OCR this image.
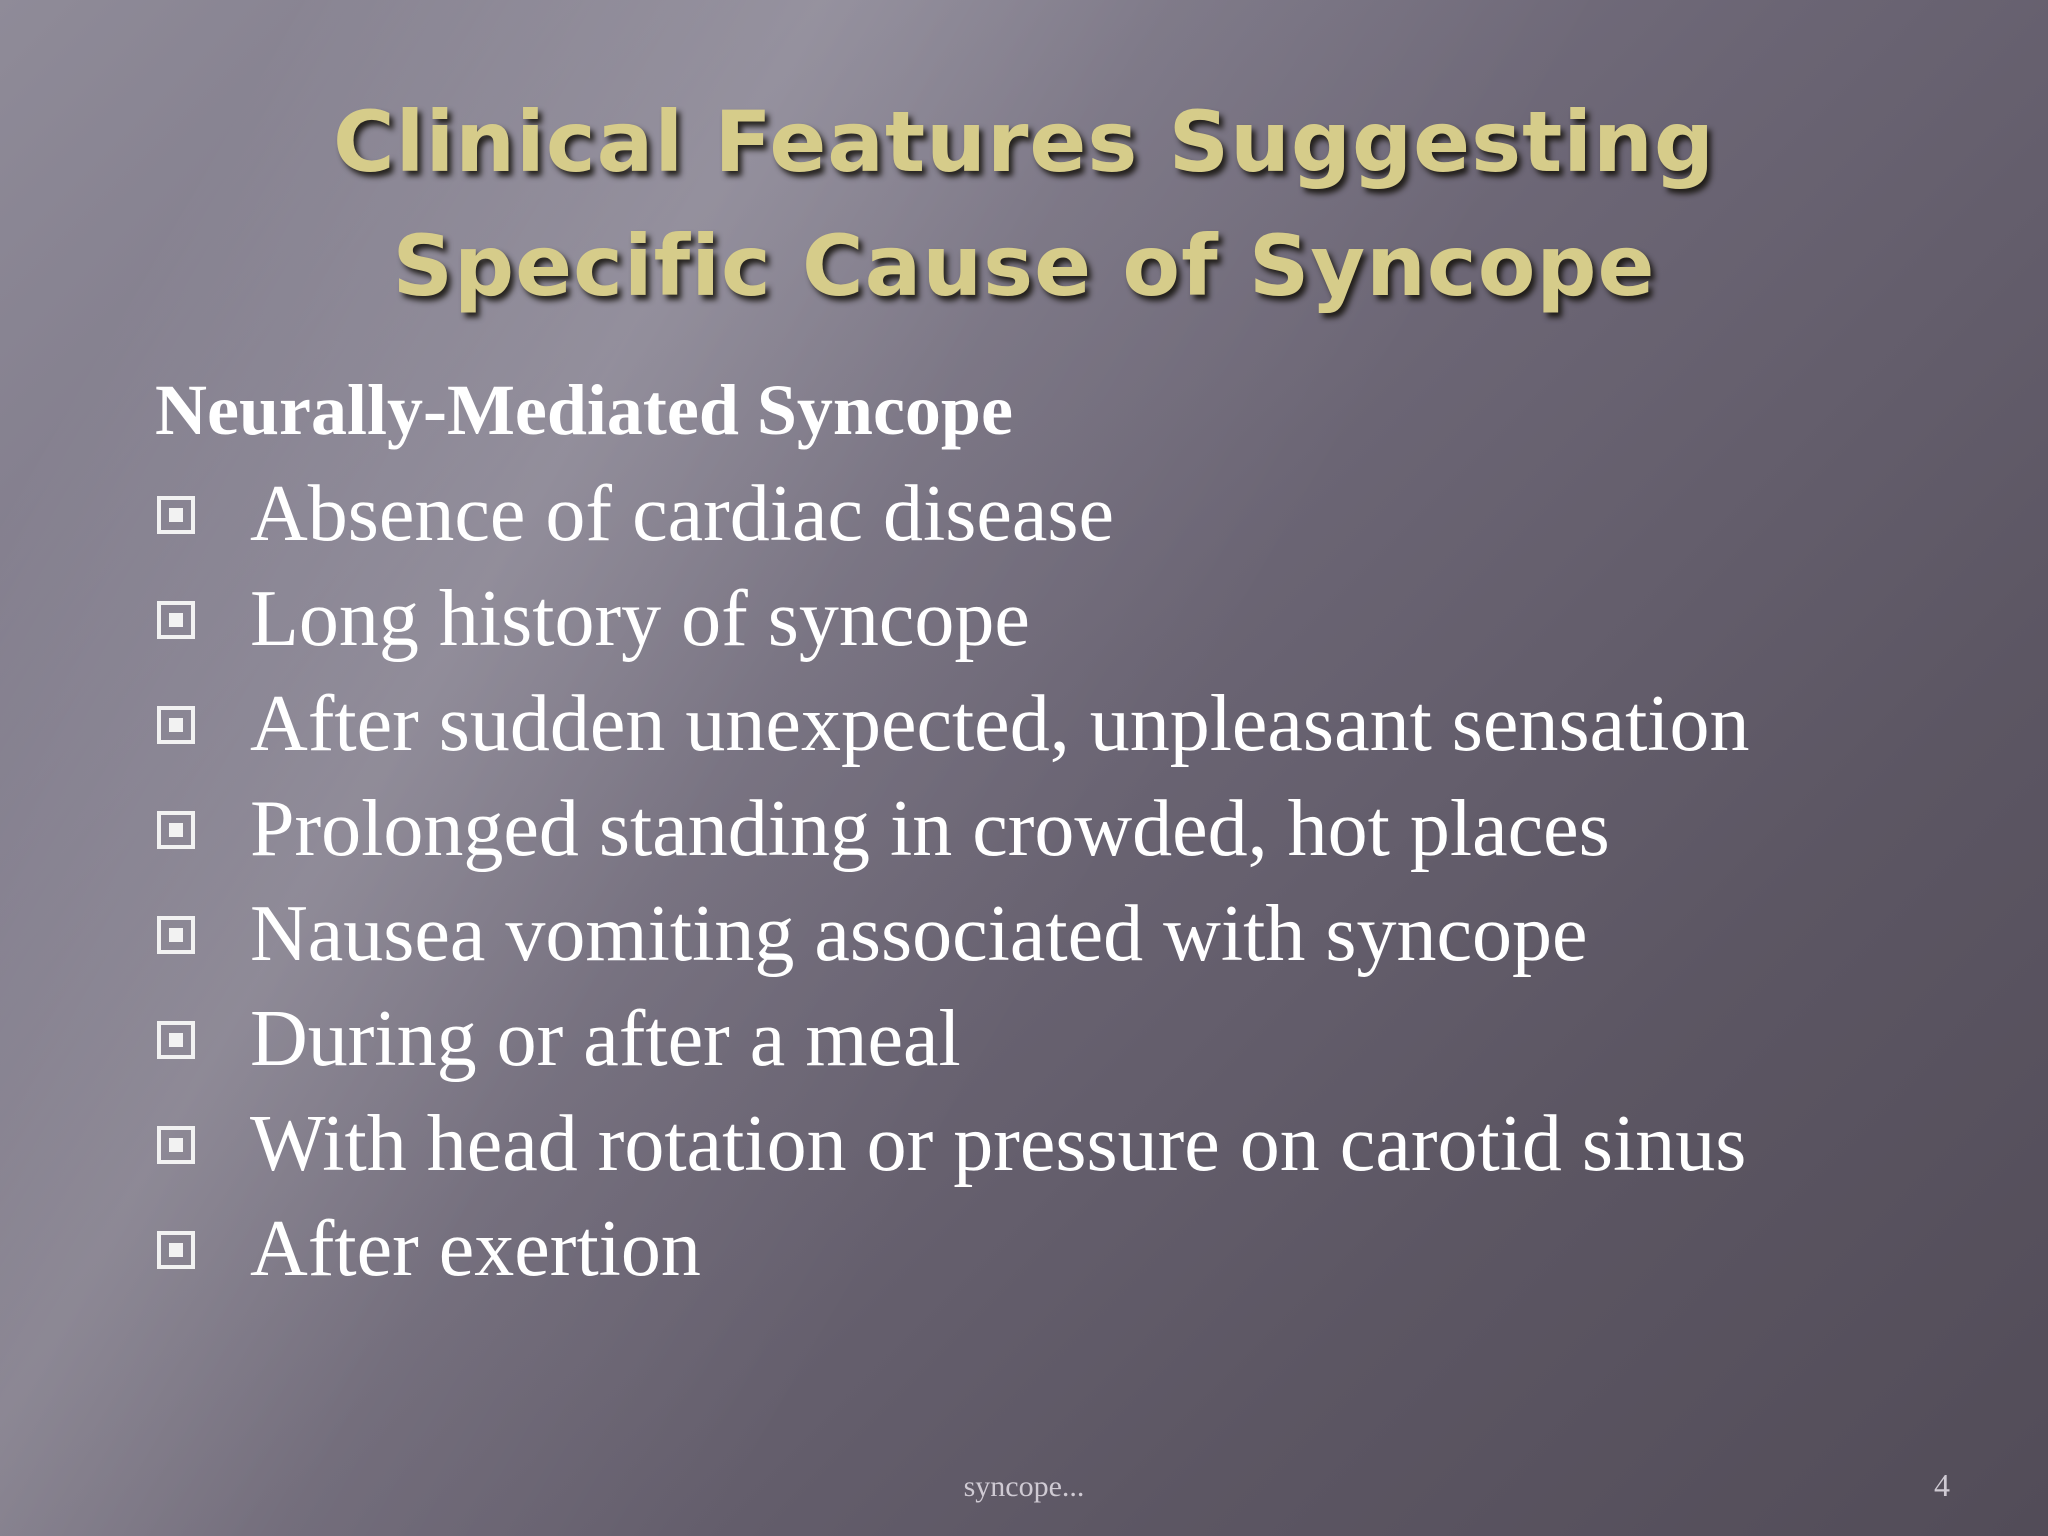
Clinical Features Suggesting
Specific Cause of Syncope
Neurally-Mediated Syncope
Absence of cardiac disease
Long history of syncope
After sudden unexpected, unpleasant sensation
Prolonged standing in crowded, hot places
Nausea vomiting associated with syncope
During or after a meal
With head rotation or pressure on carotid sinus
After exertion
syncope...	4
